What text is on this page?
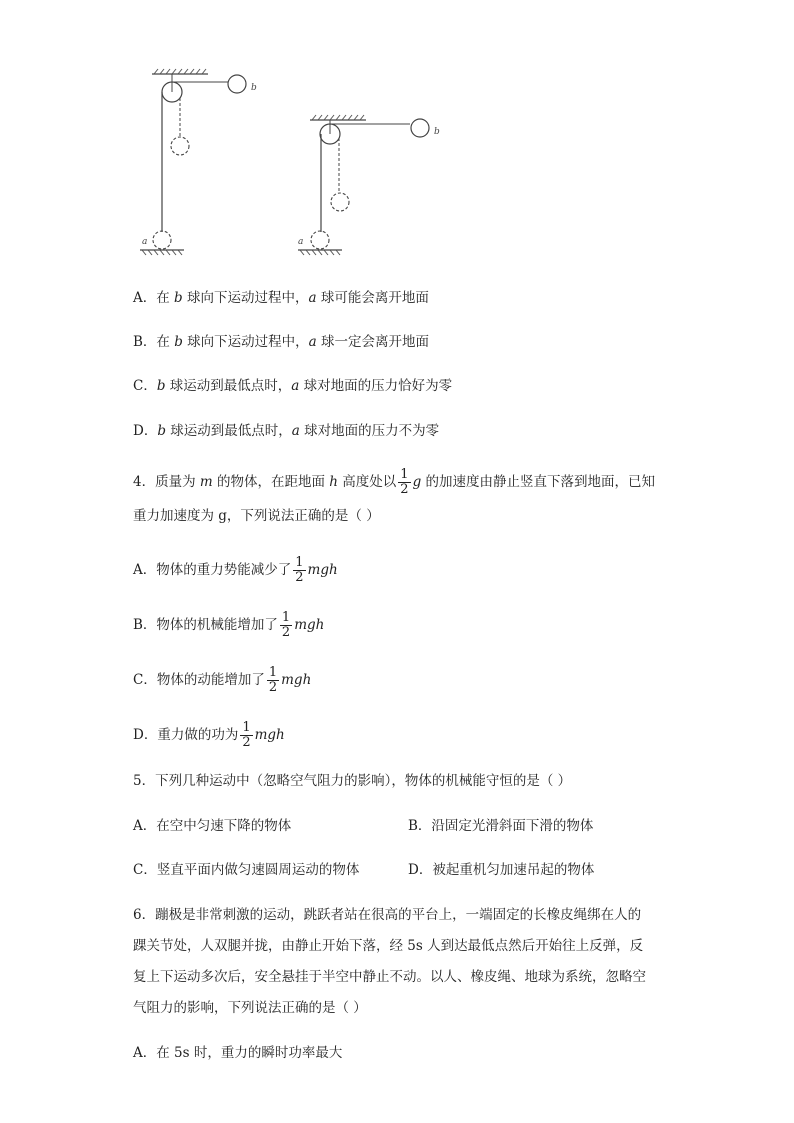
b
a
b
a
A．在 b 球向下运动过程中，a 球可能会离开地面
B．在 b 球向下运动过程中，a 球一定会离开地面
C．b 球运动到最低点时，a 球对地面的压力恰好为零
D．b 球运动到最低点时，a 球对地面的压力不为零
4．质量为 m 的物体，在距地面 h 高度处以 $\frac{1}{2}$ g 的加速度由静止竖直下落到地面，已知
重力加速度为 g，下列说法正确的是（ ）
A．物体的重力势能减少了 $\frac{1}{2}$ mgh
B．物体的机械能增加了 $\frac{1}{2}$ mgh
C．物体的动能增加了 $\frac{1}{2}$ mgh
D．重力做的功为 $\frac{1}{2}$ mgh
5．下列几种运动中（忽略空气阻力的影响），物体的机械能守恒的是（ ）
A．在空中匀速下降的物体	B．沿固定光滑斜面下滑的物体
C．竖直平面内做匀速圆周运动的物体	D．被起重机匀加速吊起的物体
6．蹦极是非常刺激的运动，跳跃者站在很高的平台上，一端固定的长橡皮绳绑在人的
踝关节处，人双腿并拢，由静止开始下落，经 5s 人到达最低点然后开始往上反弹，反
复上下运动多次后，安全悬挂于半空中静止不动。以人、橡皮绳、地球为系统，忽略空
气阻力的影响，下列说法正确的是（ ）
A．在 5s 时，重力的瞬时功率最大
